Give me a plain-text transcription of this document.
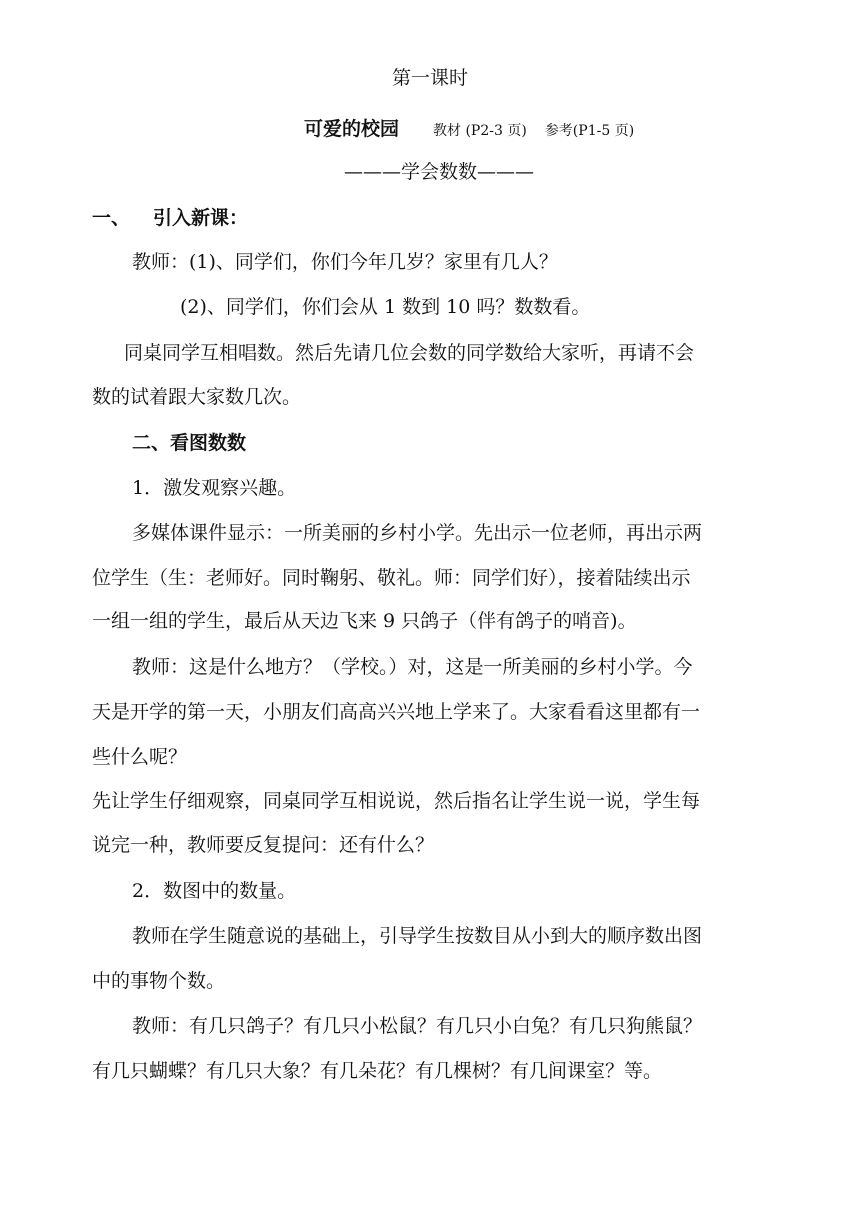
第一课时
可爱的校园 教材 (P2-3 页) 参考(P1-5 页)
———学会数数———
一、 引入新课：
教师：(1)、同学们，你们今年几岁？家里有几人？
(2)、同学们，你们会从 1 数到 10 吗？数数看。
同桌同学互相唱数。然后先请几位会数的同学数给大家听，再请不会
数的试着跟大家数几次。
二、看图数数
1．激发观察兴趣。
多媒体课件显示：一所美丽的乡村小学。先出示一位老师，再出示两
位学生（生：老师好。同时鞠躬、敬礼。师：同学们好），接着陆续出示
一组一组的学生，最后从天边飞来 9 只鸽子（伴有鸽子的哨音)。
教师：这是什么地方？（学校。）对，这是一所美丽的乡村小学。今
天是开学的第一天，小朋友们高高兴兴地上学来了。大家看看这里都有一
些什么呢？
先让学生仔细观察，同桌同学互相说说，然后指名让学生说一说，学生每
说完一种，教师要反复提问：还有什么？
2．数图中的数量。
教师在学生随意说的基础上，引导学生按数目从小到大的顺序数出图
中的事物个数。
教师：有几只鸽子？有几只小松鼠？有几只小白兔？有几只狗熊鼠？
有几只蝴蝶？有几只大象？有几朵花？有几棵树？有几间课室？等。
